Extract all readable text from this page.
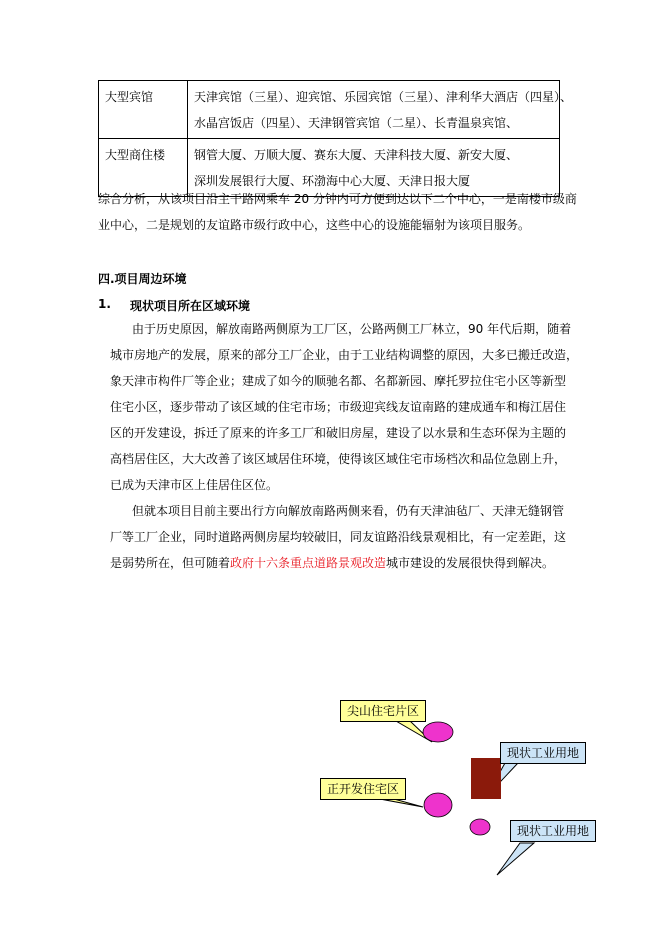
大型宾馆	天津宾馆（三星）、迎宾馆、乐园宾馆（三星）、津利华大酒店（四星）、
水晶宫饭店（四星）、天津钢管宾馆（二星）、长青温泉宾馆、

大型商住楼	钢管大厦、万顺大厦、赛东大厦、天津科技大厦、新安大厦、
深圳发展银行大厦、环渤海中心大厦、天津日报大厦
综合分析，从该项目沿主干路网乘车 20 分钟内可方便到达以下二个中心，一是南楼市级商
业中心，二是规划的友谊路市级行政中心，这些中心的设施能辐射为该项目服务。
四.项目周边环境
1. 现状项目所在区域环境
由于历史原因，解放南路两侧原为工厂区，公路两侧工厂林立，90 年代后期，随着
城市房地产的发展，原来的部分工厂企业，由于工业结构调整的原因，大多已搬迁改造，
象天津市构件厂等企业；建成了如今的顺驰名都、名都新园、摩托罗拉住宅小区等新型
住宅小区，逐步带动了该区域的住宅市场；市级迎宾线友谊南路的建成通车和梅江居住
区的开发建设，拆迁了原来的许多工厂和破旧房屋，建设了以水景和生态环保为主题的
高档居住区，大大改善了该区域居住环境，使得该区域住宅市场档次和品位急剧上升，
已成为天津市区上佳居住区位。
但就本项目目前主要出行方向解放南路两侧来看，仍有天津油毡厂、天津无缝钢管
厂等工厂企业，同时道路两侧房屋均较破旧，同友谊路沿线景观相比，有一定差距，这
是弱势所在，但可随着政府十六条重点道路景观改造城市建设的发展很快得到解决。
尖山住宅片区
正开发住宅区
现状工业用地
现状工业用地
